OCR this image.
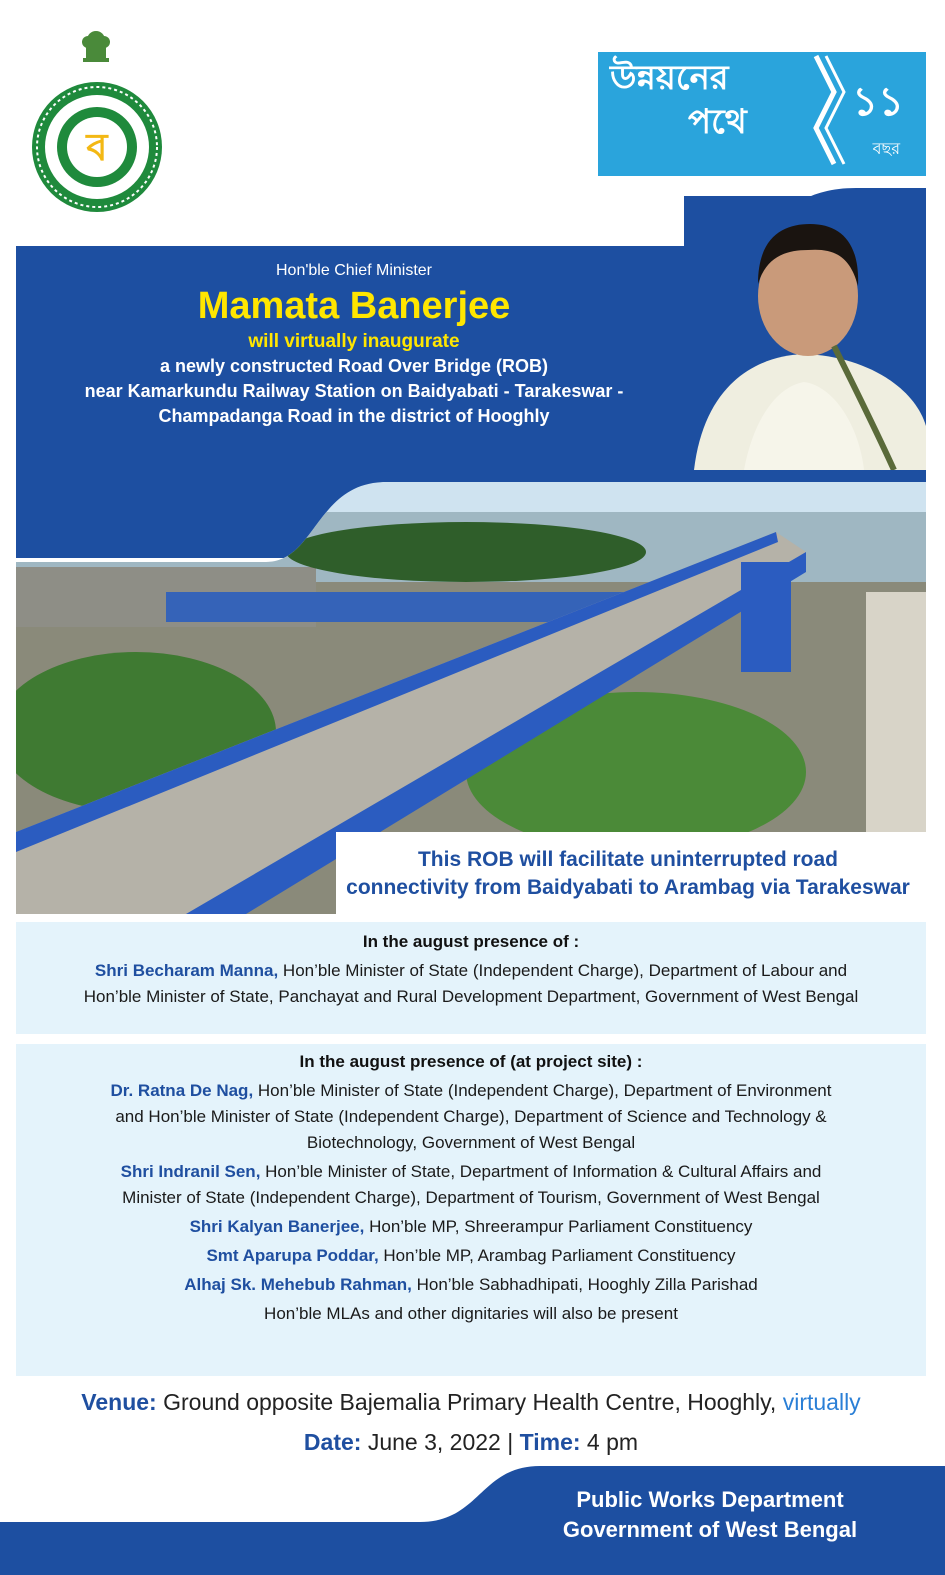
ব
উন্নয়নের
পথে	১১
বছর
Hon'ble Chief Minister
Mamata Banerjee
will virtually inaugurate
a newly constructed Road Over Bridge (ROB)
near Kamarkundu Railway Station on Baidyabati - Tarakeswar -
Champadanga Road in the district of Hooghly
This ROB will facilitate uninterrupted road
connectivity from Baidyabati to Arambag via Tarakeswar
In the august presence of :
Shri Becharam Manna, Hon’ble Minister of State (Independent Charge), Department of Labour and
Hon’ble Minister of State, Panchayat and Rural Development Department, Government of West Bengal
In the august presence of (at project site) :
Dr. Ratna De Nag, Hon’ble Minister of State (Independent Charge), Department of Environment
and Hon’ble Minister of State (Independent Charge), Department of Science and Technology &
Biotechnology, Government of West Bengal
Shri Indranil Sen, Hon’ble Minister of State, Department of Information & Cultural Affairs and
Minister of State (Independent Charge), Department of Tourism, Government of West Bengal
Shri Kalyan Banerjee, Hon’ble MP, Shreerampur Parliament Constituency
Smt Aparupa Poddar, Hon’ble MP, Arambag Parliament Constituency
Alhaj Sk. Mehebub Rahman, Hon’ble Sabhadhipati, Hooghly Zilla Parishad
Hon’ble MLAs and other dignitaries will also be present
Venue: Ground opposite Bajemalia Primary Health Centre, Hooghly, virtually
Date: June 3, 2022 | Time: 4 pm
Public Works Department
Government of West Bengal
